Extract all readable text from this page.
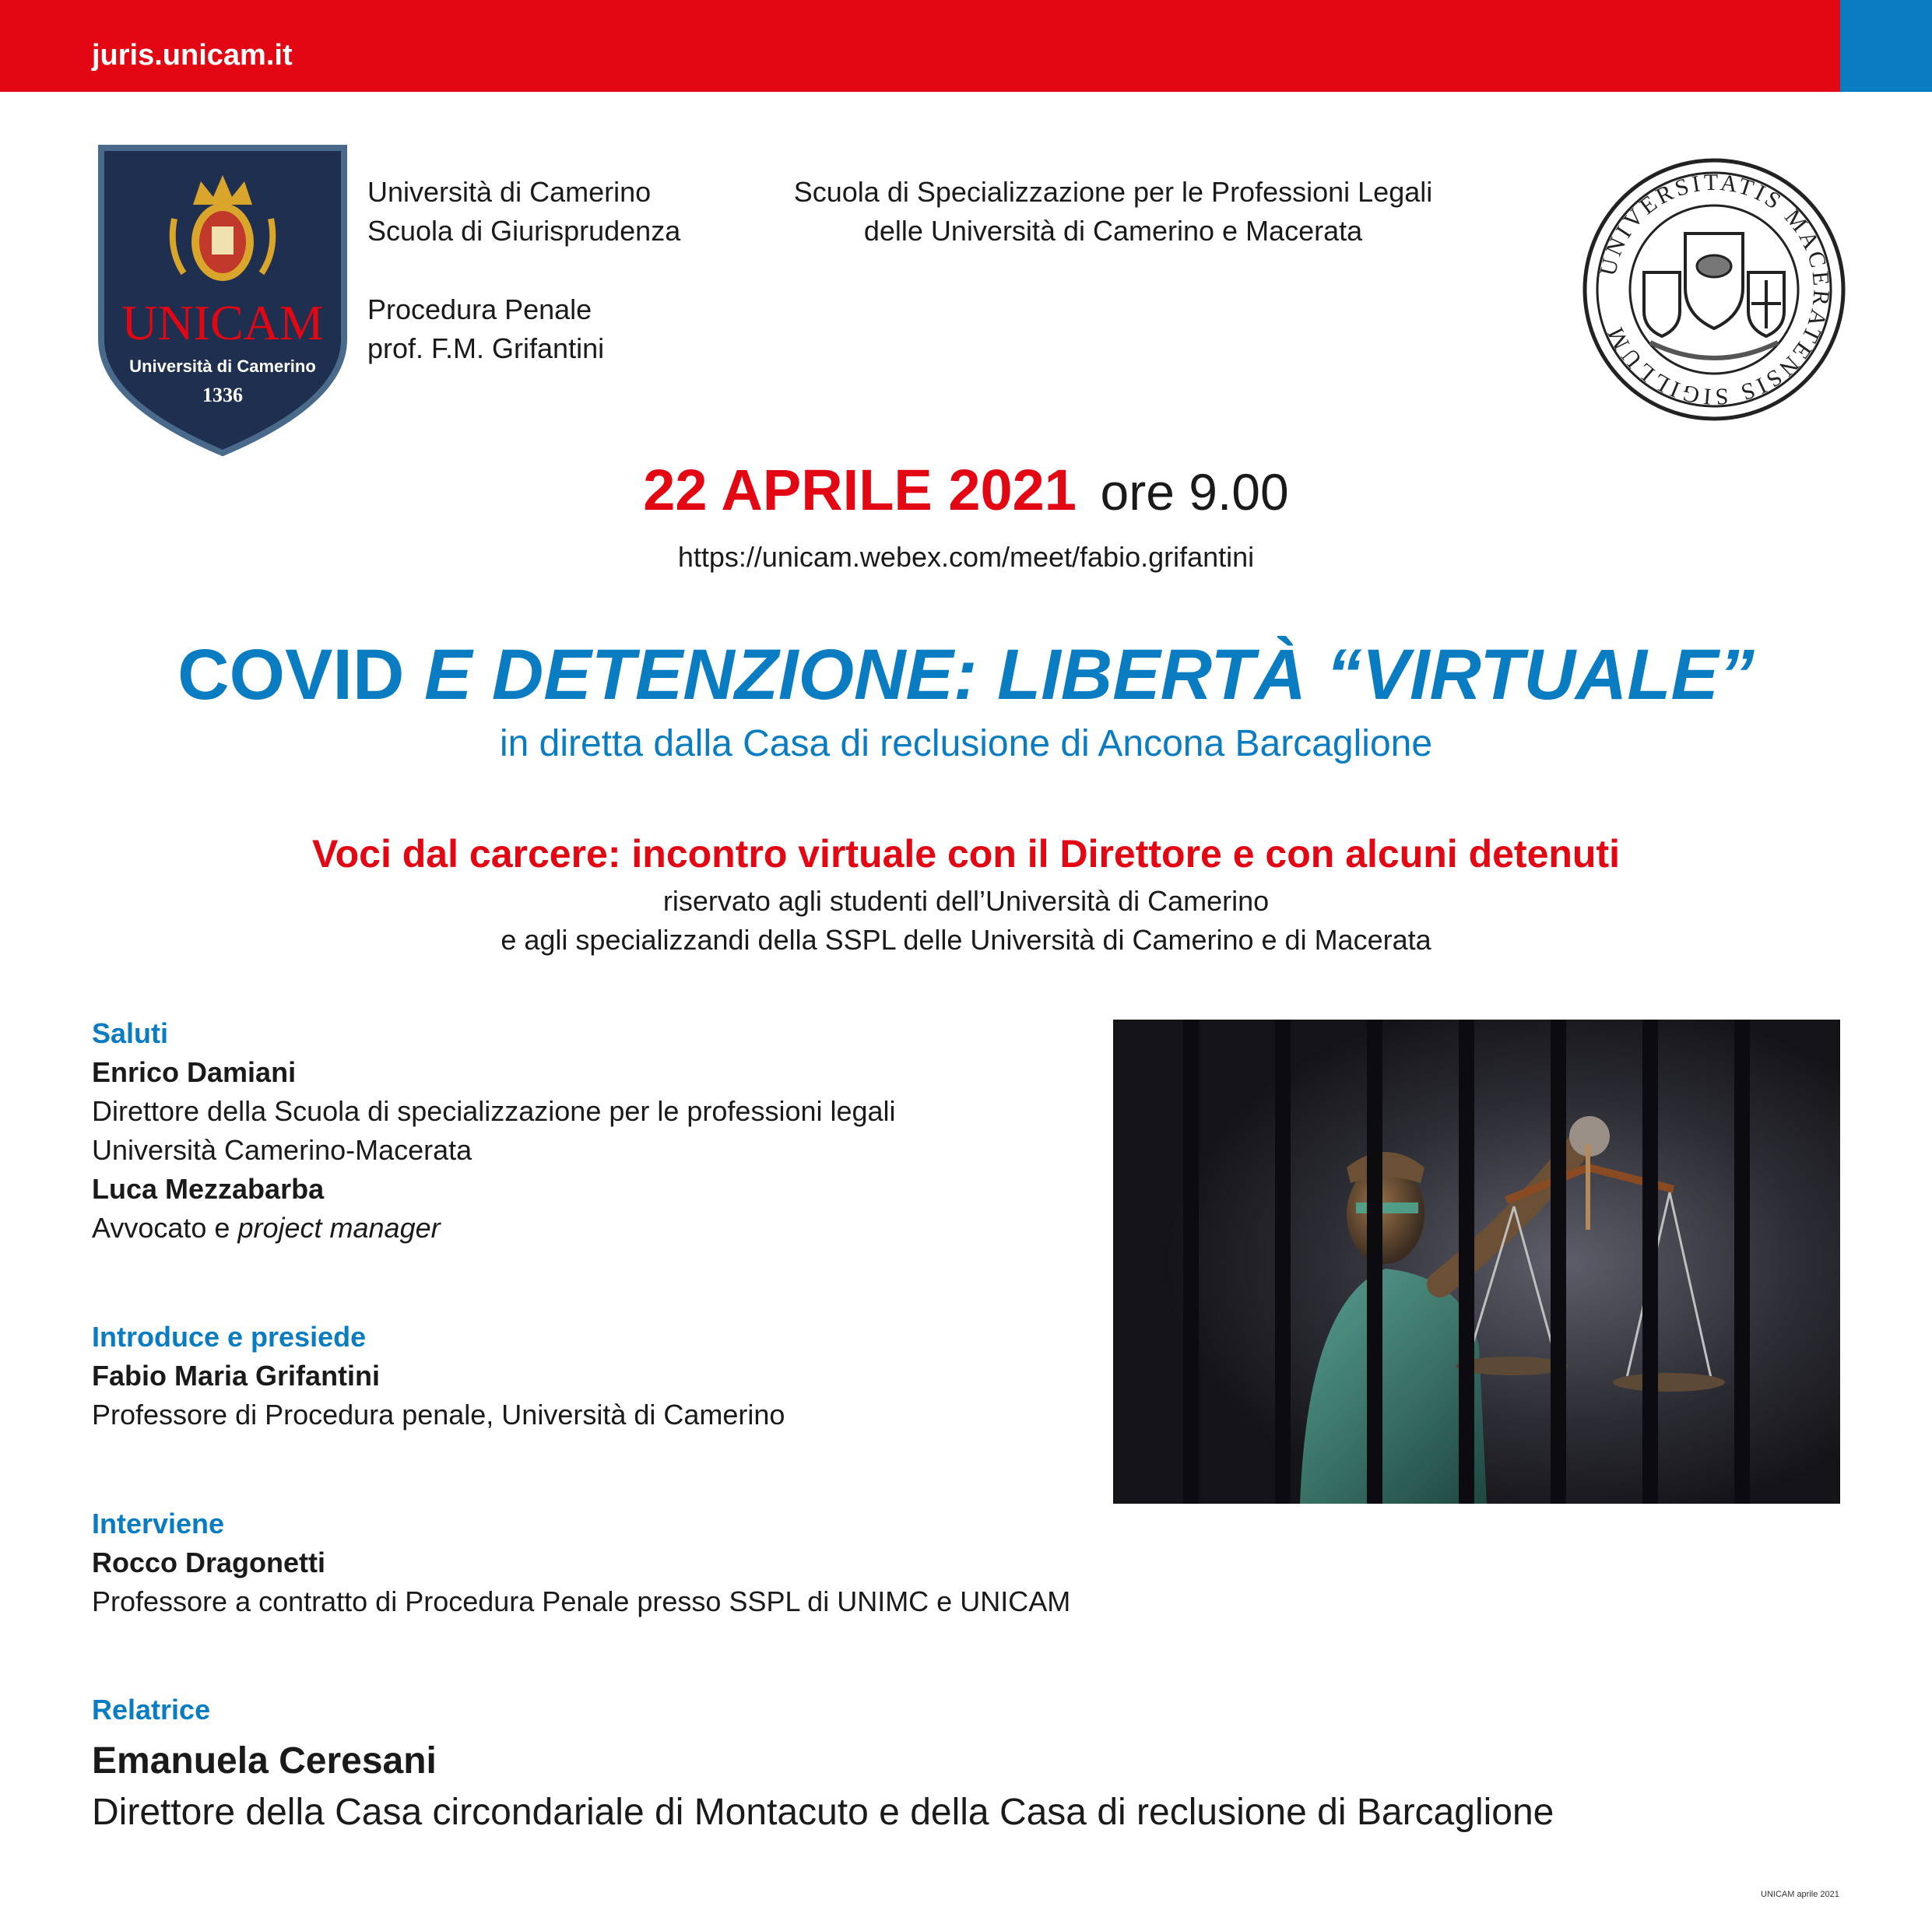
juris.unicam.it
UNICAM
Università di Camerino
1336
Università di Camerino
Scuola di Giurisprudenza
Procedura Penale
prof. F.M. Grifantini
Scuola di Specializzazione per le Professioni Legali
delle Università di Camerino e Macerata
UNIVERSITATIS MACERATENSIS SIGILLUM
22 APRILE 2021 ore 9.00
https://unicam.webex.com/meet/fabio.grifantini
COVID E DETENZIONE: LIBERTÀ “VIRTUALE”
in diretta dalla Casa di reclusione di Ancona Barcaglione
Voci dal carcere: incontro virtuale con il Direttore e con alcuni detenuti
riservato agli studenti dell’Università di Camerino
e agli specializzandi della SSPL delle Università di Camerino e di Macerata
Saluti
Enrico Damiani
Direttore della Scuola di specializzazione per le professioni legali
Università Camerino-Macerata
Luca Mezzabarba
Avvocato e project manager
Introduce e presiede
Fabio Maria Grifantini
Professore di Procedura penale, Università di Camerino
Interviene
Rocco Dragonetti
Professore a contratto di Procedura Penale presso SSPL di UNIMC e UNICAM
Relatrice
Emanuela Ceresani
Direttore della Casa circondariale di Montacuto e della Casa di reclusione di Barcaglione
UNICAM aprile 2021
